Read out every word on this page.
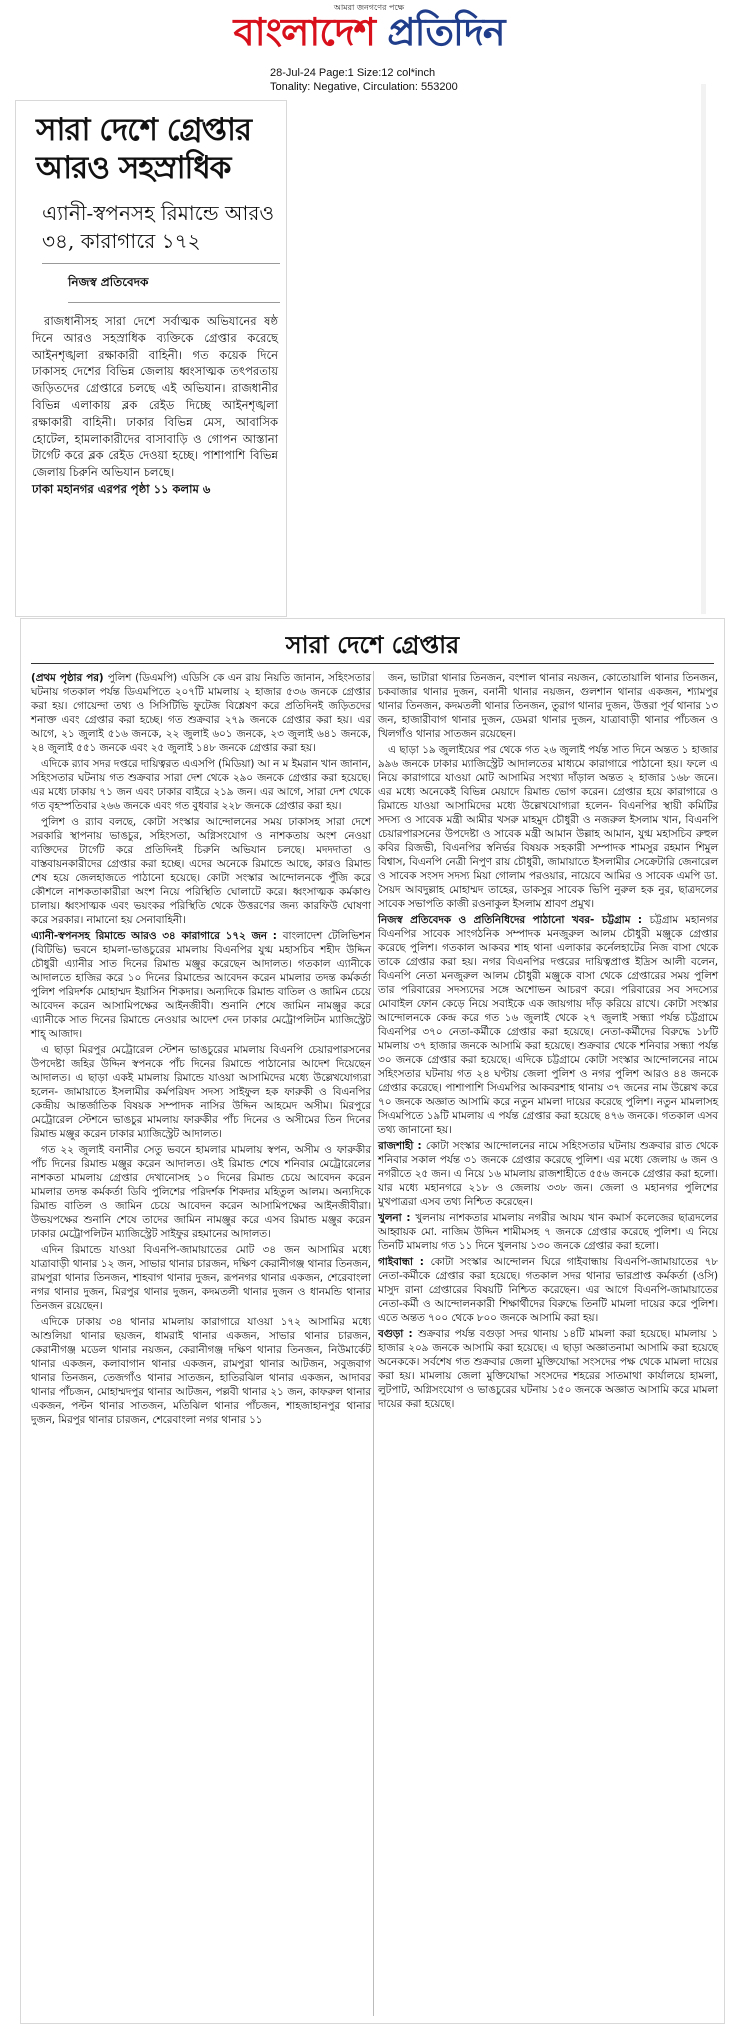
আমরা জনগণের পক্ষে
বাংলাদেশ প্রতিদিন
28-Jul-24 Page:1 Size:12 col*inch
Tonality: Negative, Circulation: 553200
সারা দেশে গ্রেপ্তার আরও সহস্রাধিক
এ্যানী-স্বপনসহ রিমান্ডে আরও ৩৪, কারাগারে ১৭২
নিজস্ব প্রতিবেদক

রাজধানীসহ সারা দেশে সর্বাত্মক অভিযানের ষষ্ঠ দিনে আরও সহস্রাধিক ব্যক্তিকে গ্রেপ্তার করেছে আইনশৃঙ্খলা রক্ষাকারী বাহিনী। গত কয়েক দিনে ঢাকাসহ দেশের বিভিন্ন জেলায় ধ্বংসাত্মক তৎপরতায় জড়িতদের গ্রেপ্তারে চলছে এই অভিযান। রাজধানীর বিভিন্ন এলাকায় ব্লক রেইড দিচ্ছে আইনশৃঙ্খলা রক্ষাকারী বাহিনী। ঢাকার বিভিন্ন মেস, আবাসিক হোটেল, হামলাকারীদের বাসাবাড়ি ও গোপন আস্তানা টার্গেট করে ব্লক রেইড দেওয়া হচ্ছে। পাশাপাশি বিভিন্ন জেলায় চিরুনি অভিযান চলছে।

ঢাকা মহানগর এরপর পৃষ্ঠা ১১ কলাম ৬
সারা দেশে গ্রেপ্তার

(প্রথম পৃষ্ঠার পর) পুলিশ (ডিএমপি) এডিসি কে এন রায় নিয়তি জানান, সহিংসতার ঘটনায় গতকাল পর্যন্ত ডিএমপিতে ২০৭টি মামলায় ২ হাজার ৫৩৬ জনকে গ্রেপ্তার করা হয়। গোয়েন্দা তথ্য ও সিসিটিভি ফুটেজ বিশ্লেষণ করে প্রতিদিনই জড়িতদের শনাক্ত এবং গ্রেপ্তার করা হচ্ছে। গত শুক্রবার ২৭৯ জনকে গ্রেপ্তার করা হয়। এর আগে, ২১ জুলাই ৫১৬ জনকে, ২২ জুলাই ৬০১ জনকে, ২৩ জুলাই ৬৪১ জনকে, ২৪ জুলাই ৫৫১ জনকে এবং ২৫ জুলাই ১৪৮ জনকে গ্রেপ্তার করা হয়।

এদিকে র‌্যাব সদর দপ্তরে দায়িত্বরত এএসপি (মিডিয়া) আ ন ম ইমরান খান জানান, সহিংসতার ঘটনায় গত শুক্রবার সারা দেশ থেকে ২৯০ জনকে গ্রেপ্তার করা হয়েছে। এর মধ্যে ঢাকায় ৭১ জন এবং ঢাকার বাইরে ২১৯ জন। এর আগে, সারা দেশ থেকে গত বৃহস্পতিবার ২৬৬ জনকে এবং গত বুধবার ২২৮ জনকে গ্রেপ্তার করা হয়।

পুলিশ ও র‌্যাব বলছে, কোটা সংস্কার আন্দোলনের সময় ঢাকাসহ সারা দেশে সরকারি স্থাপনায় ভাঙচুর, সহিংসতা, অগ্নিসংযোগ ও নাশকতায় অংশ নেওয়া ব্যক্তিদের টার্গেট করে প্রতিদিনই চিরুনি অভিযান চলছে। মদদদাতা ও বাস্তবায়নকারীদের গ্রেপ্তার করা হচ্ছে। এদের অনেকে রিমান্ডে আছে, কারও রিমান্ড শেষ হয়ে জেলহাজতে পাঠানো হয়েছে। কোটা সংস্কার আন্দোলনকে পুঁজি করে কৌশলে নাশকতাকারীরা অংশ নিয়ে পরিস্থিতি ঘোলাটে করে। ধ্বংসাত্মক কর্মকাণ্ড চালায়। ধ্বংসাত্মক এবং ভয়ংকর পরিস্থিতি থেকে উত্তরণের জন্য কারফিউ ঘোষণা করে সরকার। নামানো হয় সেনাবাহিনী।

এ্যানী-স্বপনসহ রিমান্ডে আরও ৩৪ কারাগারে ১৭২ জন : বাংলাদেশ টেলিভিশন (বিটিভি) ভবনে হামলা-ভাঙচুরের মামলায় বিএনপির যুগ্ম মহাসচিব শহীদ উদ্দিন চৌধুরী এ্যানীর সাত দিনের রিমান্ড মঞ্জুর করেছেন আদালত। গতকাল এ্যানীকে আদালতে হাজির করে ১০ দিনের রিমান্ডের আবেদন করেন মামলার তদন্ত কর্মকর্তা পুলিশ পরিদর্শক মোহাম্মদ ইয়াসিন শিকদার। অন্যদিকে রিমান্ড বাতিল ও জামিন চেয়ে আবেদন করেন আসামিপক্ষের আইনজীবী। শুনানি শেষে জামিন নামঞ্জুর করে এ্যানীকে সাত দিনের রিমান্ডে নেওয়ার আদেশ দেন ঢাকার মেট্রোপলিটন ম্যাজিস্ট্রেট শাহ্‌ আজাদ।

এ ছাড়া মিরপুর মেট্রোরেল স্টেশন ভাঙচুরের মামলায় বিএনপি চেয়ারপারসনের উপদেষ্টা জহির উদ্দিন স্বপনকে পাঁচ দিনের রিমান্ডে পাঠানোর আদেশ দিয়েছেন আদালত। এ ছাড়া একই মামলায় রিমান্ডে যাওয়া আসামিদের মধ্যে উল্লেখযোগ্যরা হলেন- জামায়াতে ইসলামীর কর্মপরিষদ সদস্য সাইফুল হক ফারুকী ও বিএনপির কেন্দ্রীয় আন্তর্জাতিক বিষয়ক সম্পাদক নাসির উদ্দিন আহমেদ অসীম। মিরপুরে মেট্রোরেল স্টেশনে ভাঙচুর মামলায় ফারুকীর পাঁচ দিনের ও অসীমের তিন দিনের রিমান্ড মঞ্জুর করেন ঢাকার ম্যাজিস্ট্রেট আদালত।

গত ২২ জুলাই বনানীর সেতু ভবনে হামলার মামলায় স্বপন, অসীম ও ফারুকীর পাঁচ দিনের রিমান্ড মঞ্জুর করেন আদালত। ওই রিমান্ড শেষে শনিবার মেট্রোরেলের নাশকতা মামলায় গ্রেপ্তার দেখানোসহ ১০ দিনের রিমান্ড চেয়ে আবেদন করেন মামলার তদন্ত কর্মকর্তা ডিবি পুলিশের পরিদর্শক শিকদার মহিতুল আলম। অন্যদিকে রিমান্ড বাতিল ও জামিন চেয়ে আবেদন করেন আসামিপক্ষের আইনজীবীরা। উভয়পক্ষের শুনানি শেষে তাদের জামিন নামঞ্জুর করে এসব রিমান্ড মঞ্জুর করেন ঢাকার মেট্রোপলিটন ম্যাজিস্ট্রেট সাইফুর রহমানের আদালত।

এদিন রিমান্ডে যাওয়া বিএনপি-জামায়াতের মোট ৩৪ জন আসামির মধ্যে যাত্রাবাড়ী থানার ১২ জন, সাভার থানার চারজন, দক্ষিণ কেরানীগঞ্জ থানার তিনজন, রামপুরা থানার তিনজন, শাহবাগ থানার দুজন, রূপনগর থানার একজন, শেরেবাংলা নগর থানার দুজন, মিরপুর থানার দুজন, কদমতলী থানার দুজন ও ধানমন্ডি থানার তিনজন রয়েছেন।

এদিকে ঢাকায় ৩৪ থানার মামলায় কারাগারে যাওয়া ১৭২ আসামির মধ্যে আশুলিয়া থানার ছয়জন, ধামরাই থানার একজন, সাভার থানার চারজন, কেরানীগঞ্জ মডেল থানার নয়জন, কেরানীগঞ্জ দক্ষিণ থানার তিনজন, নিউমার্কেট থানার একজন, কলাবাগান থানার একজন, রামপুরা থানার আটজন, সবুজবাগ থানার তিনজন, তেজগাঁও থানার সাতজন, হাতিরঝিল থানার একজন, আদাবর থানার পাঁচজন, মোহাম্মদপুর থানার আটজন, পল্লবী থানার ২১ জন, কাফরুল থানার একজন, পল্টন থানার সাতজন, মতিঝিল থানার পাঁচজন, শাহজাহানপুর থানার দুজন, মিরপুর থানার চারজন, শেরেবাংলা নগর থানার ১১

জন, ভাটারা থানার তিনজন, বংশাল থানার নয়জন, কোতোয়ালি থানার তিনজন, চকবাজার থানার দুজন, বনানী থানার নয়জন, গুলশান থানার একজন, শ্যামপুর থানার তিনজন, কদমতলী থানার তিনজন, তুরাগ থানার দুজন, উত্তরা পূর্ব থানার ১৩ জন, হাজারীবাগ থানার দুজন, ডেমরা থানার দুজন, যাত্রাবাড়ী থানার পাঁচজন ও খিলগাঁও থানার সাতজন রয়েছেন।

এ ছাড়া ১৯ জুলাইয়ের পর থেকে গত ২৬ জুলাই পর্যন্ত সাত দিনে অন্তত ১ হাজার ৯৯৬ জনকে ঢাকার ম্যাজিস্ট্রেট আদালতের মাধ্যমে কারাগারে পাঠানো হয়। ফলে এ নিয়ে কারাগারে যাওয়া মোট আসামির সংখ্যা দাঁড়াল অন্তত ২ হাজার ১৬৮ জনে। এর মধ্যে অনেকেই বিভিন্ন মেয়াদে রিমান্ড ভোগ করেন। গ্রেপ্তার হয়ে কারাগারে ও রিমান্ডে যাওয়া আসামিদের মধ্যে উল্লেখযোগ্যরা হলেন- বিএনপির স্থায়ী কমিটির সদস্য ও সাবেক মন্ত্রী আমীর খসরু মাহমুদ চৌধুরী ও নজরুল ইসলাম খান, বিএনপি চেয়ারপারসনের উপদেষ্টা ও সাবেক মন্ত্রী আমান উল্লাহ আমান, যুগ্ম মহাসচিব রুহুল কবির রিজভী, বিএনপির স্বনির্ভর বিষয়ক সহকারী সম্পাদক শামসুর রহমান শিমুল বিশ্বাস, বিএনপি নেত্রী নিপুণ রায় চৌধুরী, জামায়াতে ইসলামীর সেক্রেটারি জেনারেল ও সাবেক সংসদ সদস্য মিয়া গোলাম পরওয়ার, নায়েবে আমির ও সাবেক এমপি ডা. সৈয়দ আবদুল্লাহ মোহাম্মদ তাহের, ডাকসুর সাবেক ভিপি নুরুল হক নুর, ছাত্রদলের সাবেক সভাপতি কাজী রওনাকুল ইসলাম শ্রাবণ প্রমুখ।

নিজস্ব প্রতিবেদক ও প্রতিনিধিদের পাঠানো খবর- চট্টগ্রাম : চট্টগ্রাম মহানগর বিএনপির সাবেক সাংগঠনিক সম্পাদক মনজুরুল আলম চৌধুরী মঞ্জুকে গ্রেপ্তার করেছে পুলিশ। গতকাল আকবর শাহ থানা এলাকার কর্নেলহাটের নিজ বাসা থেকে তাকে গ্রেপ্তার করা হয়। নগর বিএনপির দপ্তরের দায়িত্বপ্রাপ্ত ইদ্রিস আলী বলেন, বিএনপি নেতা মনজুরুল আলম চৌধুরী মঞ্জুকে বাসা থেকে গ্রেপ্তারের সময় পুলিশ তার পরিবারের সদস্যদের সঙ্গে অশোভন আচরণ করে। পরিবারের সব সদস্যের মোবাইল ফোন কেড়ে নিয়ে সবাইকে এক জায়গায় দাঁড় করিয়ে রাখে। কোটা সংস্কার আন্দোলনকে কেন্দ্র করে গত ১৬ জুলাই থেকে ২৭ জুলাই সন্ধ্যা পর্যন্ত চট্টগ্রামে বিএনপির ৩৭০ নেতা-কর্মীকে গ্রেপ্তার করা হয়েছে। নেতা-কর্মীদের বিরুদ্ধে ১৮টি মামলায় ৩৭ হাজার জনকে আসামি করা হয়েছে। শুক্রবার থেকে শনিবার সন্ধ্যা পর্যন্ত ৩০ জনকে গ্রেপ্তার করা হয়েছে। এদিকে চট্টগ্রামে কোটা সংস্কার আন্দোলনের নামে সহিংসতার ঘটনায় গত ২৪ ঘণ্টায় জেলা পুলিশ ও নগর পুলিশ আরও ৪৪ জনকে গ্রেপ্তার করেছে। পাশাপাশি সিএমপির আকবরশাহ থানায় ৩৭ জনের নাম উল্লেখ করে ৭০ জনকে অজ্ঞাত আসামি করে নতুন মামলা দায়ের করেছে পুলিশ। নতুন মামলাসহ সিএমপিতে ১৯টি মামলায় এ পর্যন্ত গ্রেপ্তার করা হয়েছে ৪৭৬ জনকে। গতকাল এসব তথ্য জানানো হয়।

রাজশাহী : কোটা সংস্কার আন্দোলনের নামে সহিংসতার ঘটনায় শুক্রবার রাত থেকে শনিবার সকাল পর্যন্ত ৩১ জনকে গ্রেপ্তার করেছে পুলিশ। এর মধ্যে জেলায় ৬ জন ও নগরীতে ২৫ জন। এ নিয়ে ১৬ মামলায় রাজশাহীতে ৫৫৬ জনকে গ্রেপ্তার করা হলো। যার মধ্যে মহানগরে ২১৮ ও জেলায় ৩৩৮ জন। জেলা ও মহানগর পুলিশের মুখপাত্ররা এসব তথ্য নিশ্চিত করেছেন।

খুলনা : খুলনায় নাশকতার মামলায় নগরীর আযম খান কমার্স কলেজের ছাত্রদলের আহ্বায়ক মো. নাজিম উদ্দিন শামীমসহ ৭ জনকে গ্রেপ্তার করেছে পুলিশ। এ নিয়ে তিনটি মামলায় গত ১১ দিনে খুলনায় ১৩০ জনকে গ্রেপ্তার করা হলো।

গাইবান্ধা : কোটা সংস্কার আন্দোলন ঘিরে গাইবান্ধায় বিএনপি-জামায়াতের ৭৮ নেতা-কর্মীকে গ্রেপ্তার করা হয়েছে। গতকাল সদর থানার ভারপ্রাপ্ত কর্মকর্তা (ওসি) মাসুদ রানা গ্রেপ্তারের বিষয়টি নিশ্চিত করেছেন। এর আগে বিএনপি-জামায়াতের নেতা-কর্মী ও আন্দোলনকারী শিক্ষার্থীদের বিরুদ্ধে তিনটি মামলা দায়ের করে পুলিশ। এতে অন্তত ৭০০ থেকে ৮০০ জনকে আসামি করা হয়।

বগুড়া : শুক্রবার পর্যন্ত বগুড়া সদর থানায় ১৪টি মামলা করা হয়েছে। মামলায় ১ হাজার ২০৯ জনকে আসামি করা হয়েছে। এ ছাড়া অজ্ঞাতনামা আসামি করা হয়েছে অনেককে। সর্বশেষ গত শুক্রবার জেলা মুক্তিযোদ্ধা সংসদের পক্ষ থেকে মামলা দায়ের করা হয়। মামলায় জেলা মুক্তিযোদ্ধা সংসদের শহরের সাতমাথা কার্যালয়ে হামলা, লুটপাট, অগ্নিসংযোগ ও ভাঙচুরের ঘটনায় ১৫০ জনকে অজ্ঞাত আসামি করে মামলা দায়ের করা হয়েছে।
